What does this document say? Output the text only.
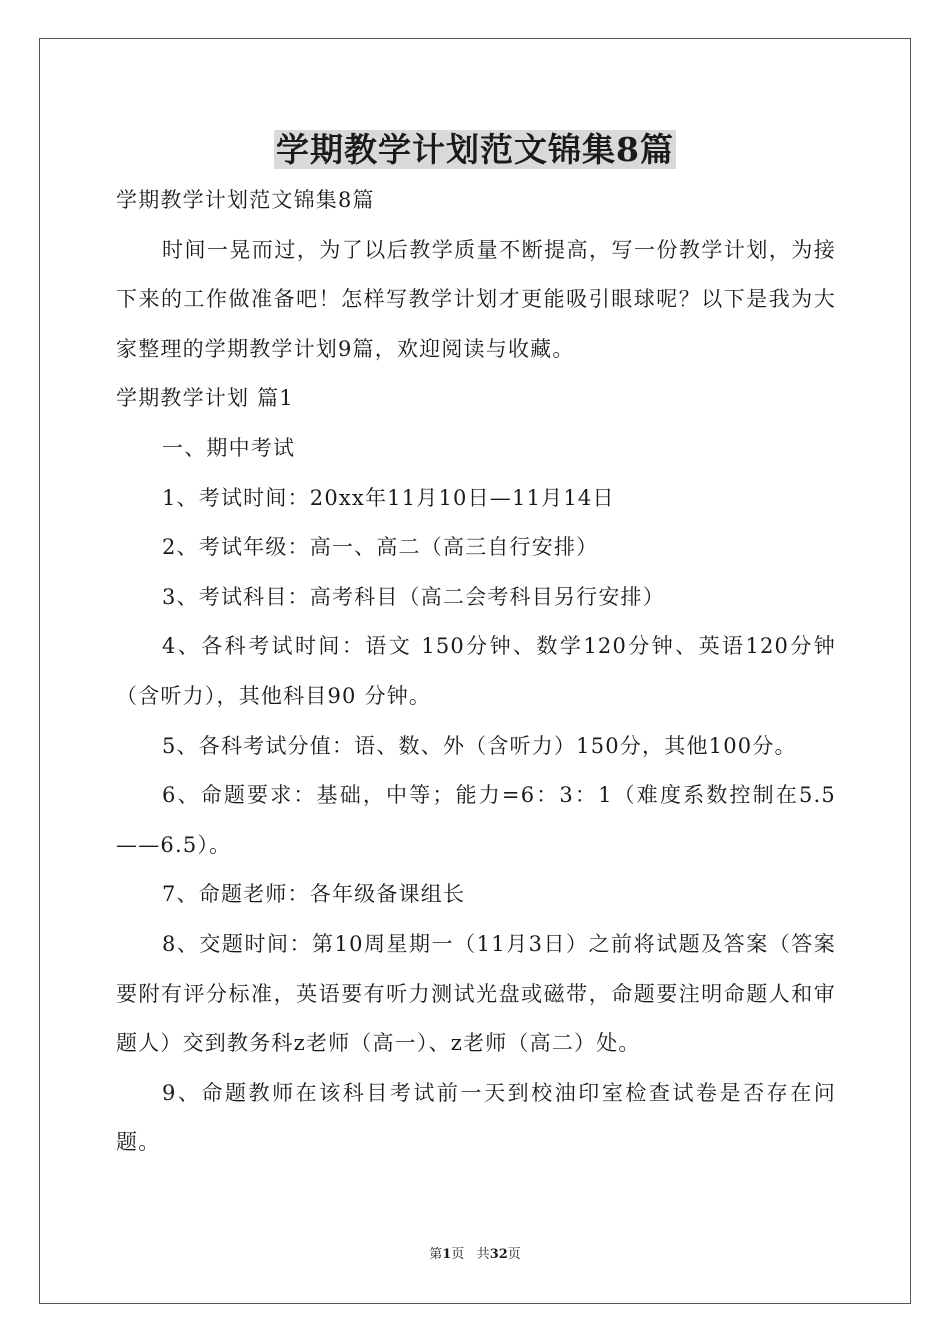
学期教学计划范文锦集8篇

学期教学计划范文锦集8篇

时间一晃而过，为了以后教学质量不断提高，写一份教学计划，为接下来的工作做准备吧！怎样写教学计划才更能吸引眼球呢？以下是我为大家整理的学期教学计划9篇，欢迎阅读与收藏。

学期教学计划 篇1

一、期中考试

1、考试时间：20xx年11月10日—11月14日

2、考试年级：高一、高二（高三自行安排）

3、考试科目：高考科目（高二会考科目另行安排）

4、各科考试时间：语文 150分钟、数学120分钟、英语120分钟（含听力），其他科目90 分钟。

5、各科考试分值：语、数、外（含听力）150分，其他100分。

6、命题要求：基础，中等；能力=6：3：1（难度系数控制在5.5——6.5）。

7、命题老师：各年级备课组长

8、交题时间：第10周星期一（11月3日）之前将试题及答案（答案要附有评分标准，英语要有听力测试光盘或磁带，命题要注明命题人和审题人）交到教务科z老师（高一）、z老师（高二）处。

9、命题教师在该科目考试前一天到校油印室检查试卷是否存在问题。

第1页 共32页
